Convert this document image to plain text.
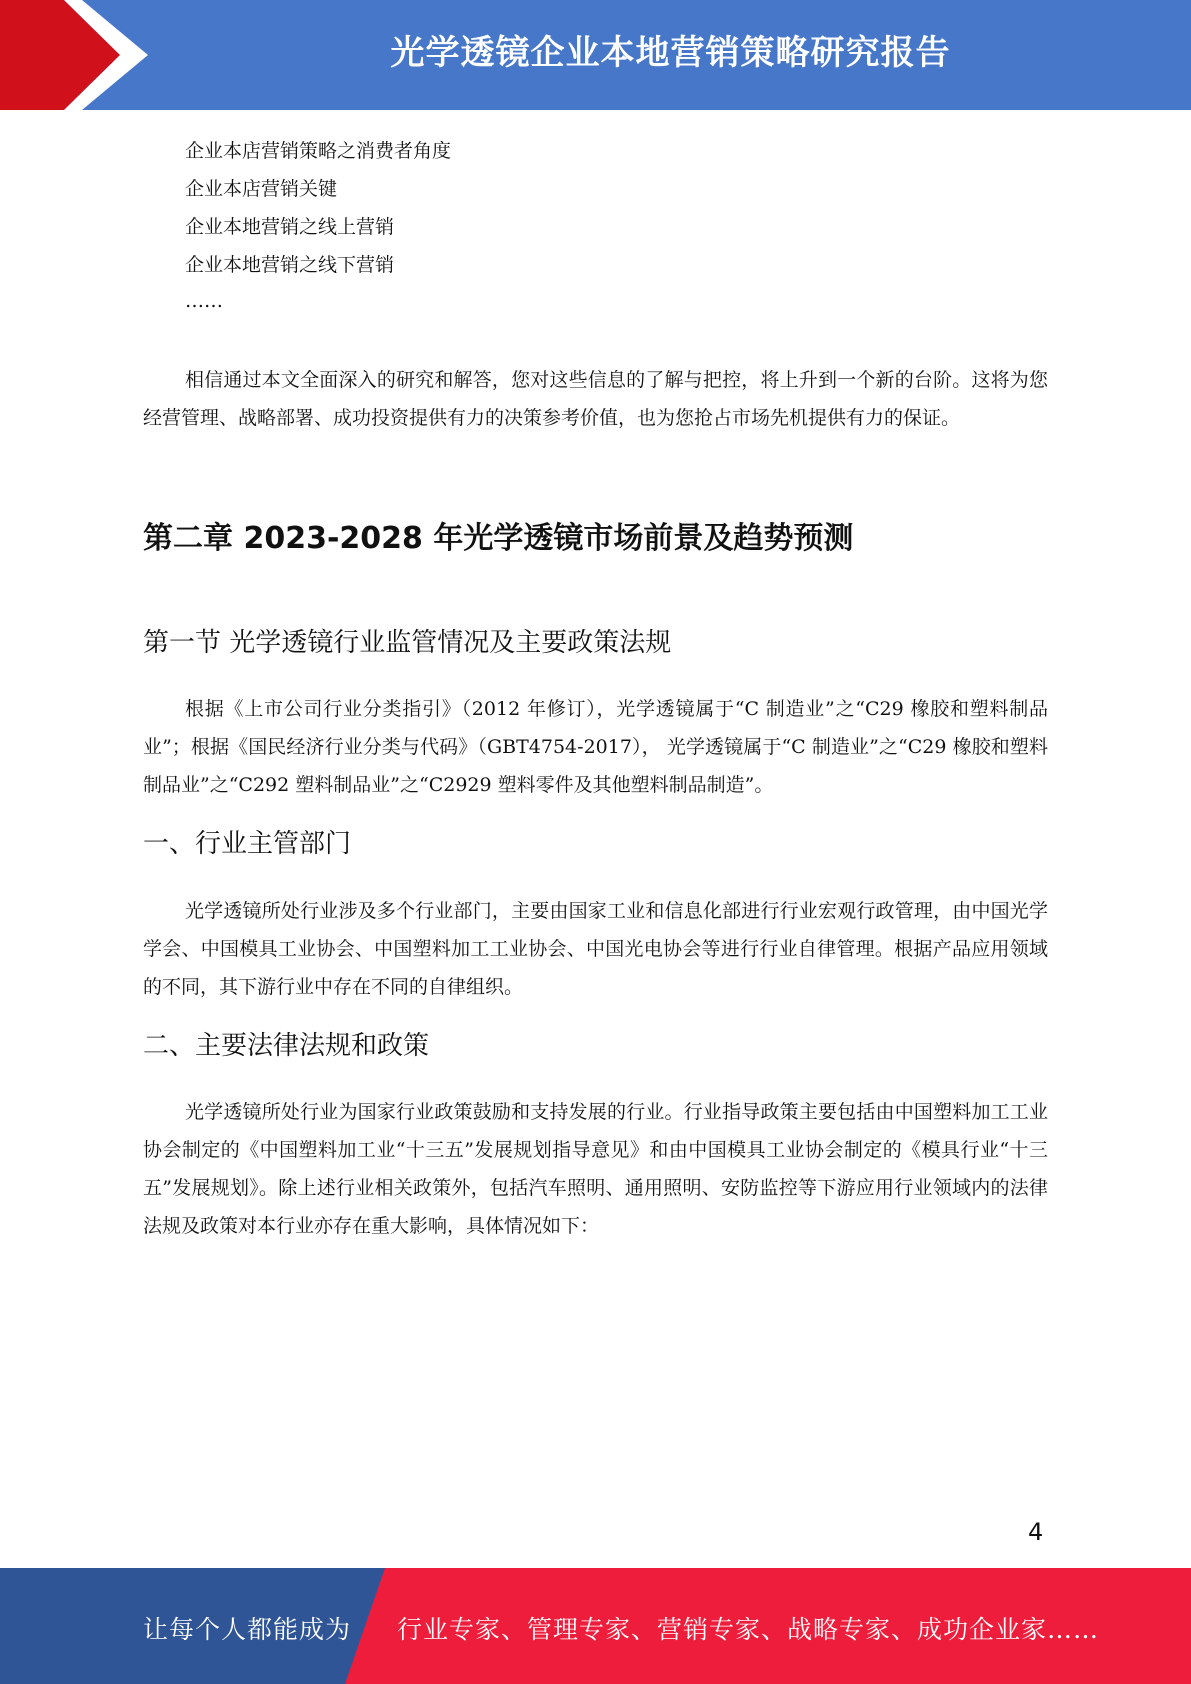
光学透镜企业本地营销策略研究报告
企业本店营销策略之消费者角度
企业本店营销关键
企业本地营销之线上营销
企业本地营销之线下营销
……

相信通过本文全面深入的研究和解答，您对这些信息的了解与把控，将上升到一个新的台阶。这将为您经营管理、战略部署、成功投资提供有力的决策参考价值，也为您抢占市场先机提供有力的保证。

第二章 2023-2028 年光学透镜市场前景及趋势预测
第一节 光学透镜行业监管情况及主要政策法规

根据《上市公司行业分类指引》（2012 年修订），光学透镜属于“C 制造业”之“C29 橡胶和塑料制品业”；根据《国民经济行业分类与代码》（GBT4754-2017）， 光学透镜属于“C 制造业”之“C29 橡胶和塑料制品业”之“C292 塑料制品业”之“C2929 塑料零件及其他塑料制品制造”。

一、行业主管部门

光学透镜所处行业涉及多个行业部门，主要由国家工业和信息化部进行行业宏观行政管理，由中国光学学会、中国模具工业协会、中国塑料加工工业协会、中国光电协会等进行行业自律管理。根据产品应用领域的不同，其下游行业中存在不同的自律组织。

二、主要法律法规和政策

光学透镜所处行业为国家行业政策鼓励和支持发展的行业。行业指导政策主要包括由中国塑料加工工业协会制定的《中国塑料加工业“十三五”发展规划指导意见》和由中国模具工业协会制定的《模具行业“十三五”发展规划》。除上述行业相关政策外，包括汽车照明、通用照明、安防监控等下游应用行业领域内的法律法规及政策对本行业亦存在重大影响，具体情况如下：

4
让每个人都能成为 行业专家、管理专家、营销专家、战略专家、成功企业家……
